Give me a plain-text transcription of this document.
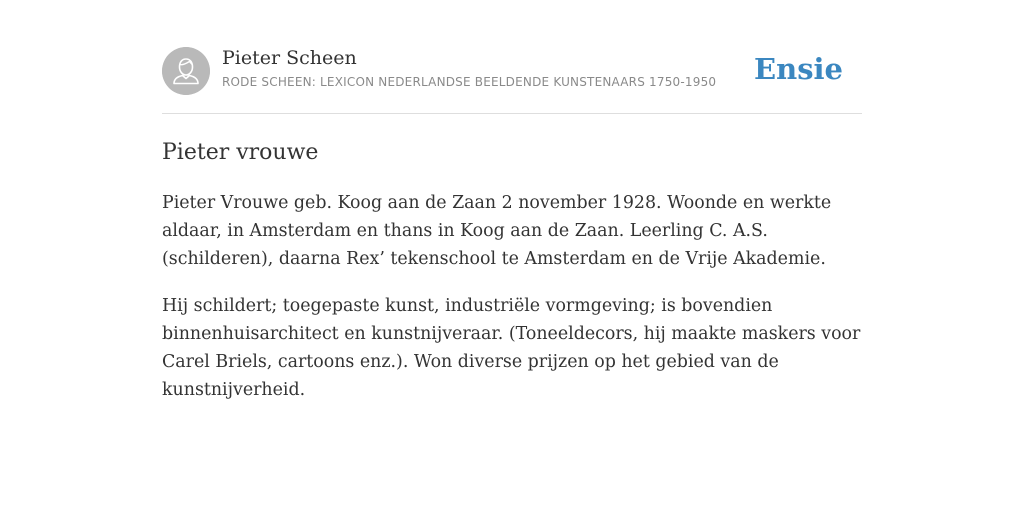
Pieter Scheen
RODE SCHEEN: LEXICON NEDERLANDSE BEELDENDE KUNSTENAARS 1750-1950 Ensie
Pieter vrouwe

Pieter Vrouwe geb. Koog aan de Zaan 2 november 1928. Woonde en werkte aldaar, in Amsterdam en thans in Koog aan de Zaan. Leerling C. A.S. (schilderen), daarna Rex’ tekenschool te Amsterdam en de Vrije Akademie.

Hij schildert; toegepaste kunst, industriële vormgeving; is bovendien binnenhuisarchitect en kunstnijveraar. (Toneeldecors, hij maakte maskers voor Carel Briels, cartoons enz.). Won diverse prijzen op het gebied van de kunstnijverheid.
